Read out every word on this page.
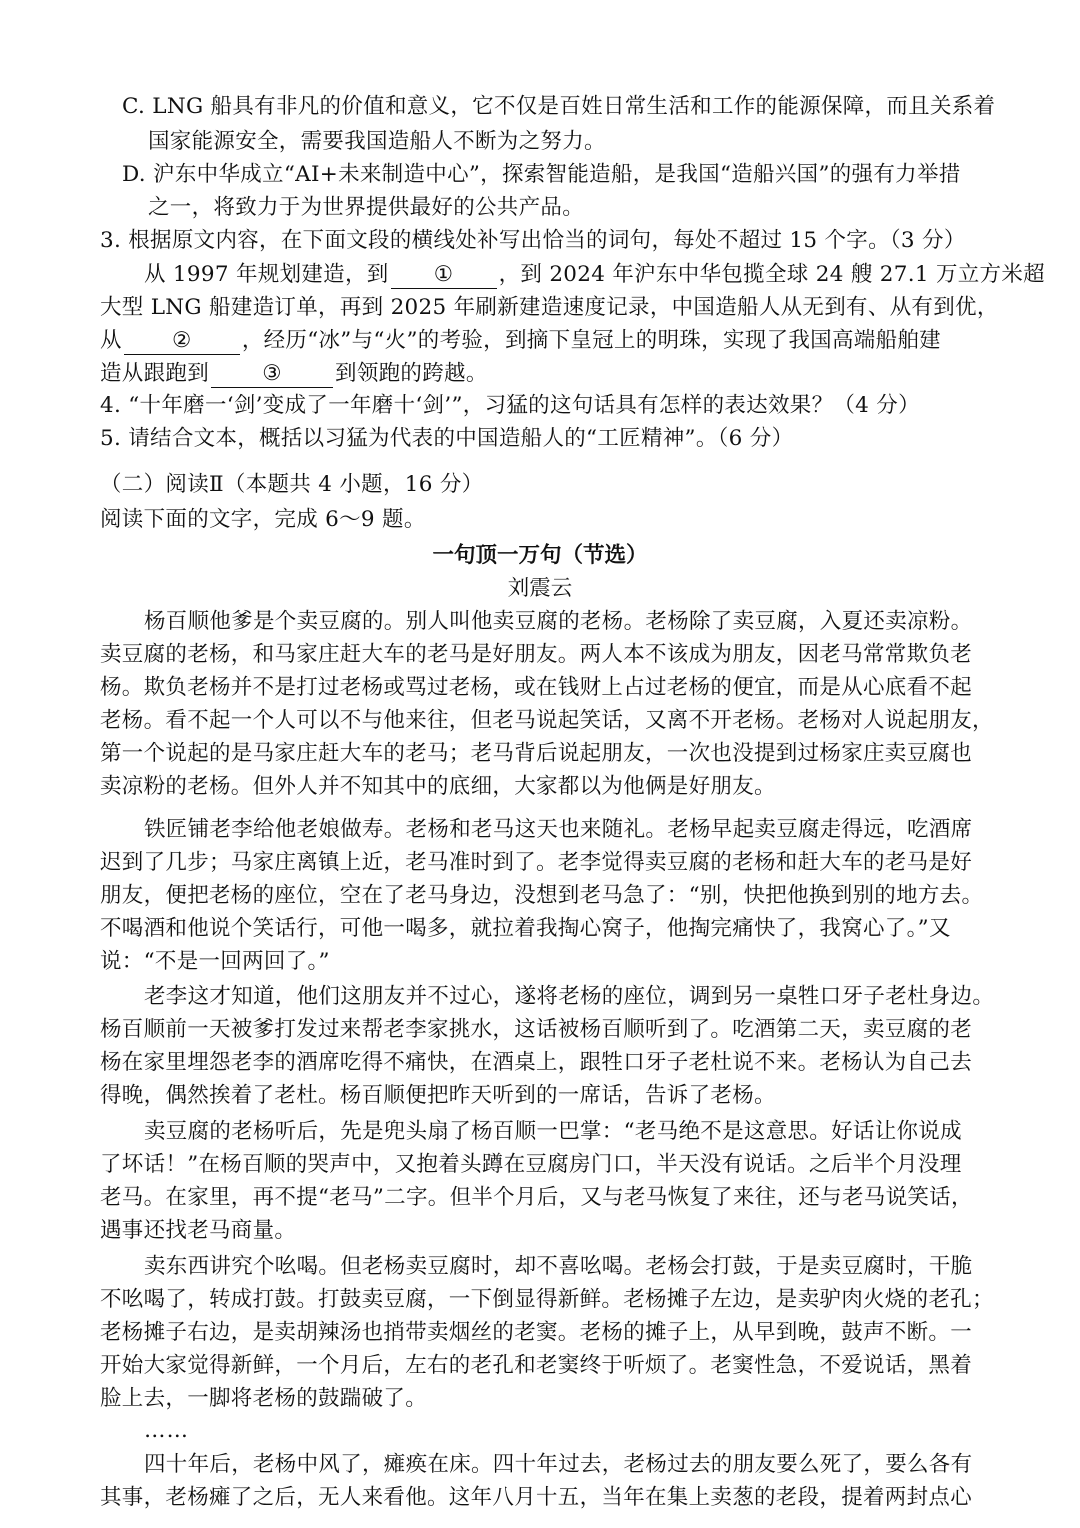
C. LNG 船具有非凡的价值和意义，它不仅是百姓日常生活和工作的能源保障，而且关系着
国家能源安全，需要我国造船人不断为之努力。
D. 沪东中华成立“AI+未来制造中心”，探索智能造船，是我国“造船兴国”的强有力举措
之一，将致力于为世界提供最好的公共产品。
3. 根据原文内容，在下面文段的横线处补写出恰当的词句，每处不超过 15 个字。（3 分）
从 1997 年规划建造，到 ① ，到 2024 年沪东中华包揽全球 24 艘 27.1 万立方米超
大型 LNG 船建造订单，再到 2025 年刷新建造速度记录，中国造船人从无到有、从有到优，
从 ② ，经历“冰”与“火”的考验，到摘下皇冠上的明珠，实现了我国高端船舶建
造从跟跑到 ③ 到领跑的跨越。
4. “十年磨一‘剑’变成了一年磨十‘剑’”，习猛的这句话具有怎样的表达效果？（4 分）
5. 请结合文本，概括以习猛为代表的中国造船人的“工匠精神”。（6 分）
（二）阅读Ⅱ（本题共 4 小题，16 分）
阅读下面的文字，完成 6～9 题。
一句顶一万句（节选）
刘震云
杨百顺他爹是个卖豆腐的。别人叫他卖豆腐的老杨。老杨除了卖豆腐，入夏还卖凉粉。
卖豆腐的老杨，和马家庄赶大车的老马是好朋友。两人本不该成为朋友，因老马常常欺负老
杨。欺负老杨并不是打过老杨或骂过老杨，或在钱财上占过老杨的便宜，而是从心底看不起
老杨。看不起一个人可以不与他来往，但老马说起笑话，又离不开老杨。老杨对人说起朋友，
第一个说起的是马家庄赶大车的老马；老马背后说起朋友，一次也没提到过杨家庄卖豆腐也
卖凉粉的老杨。但外人并不知其中的底细，大家都以为他俩是好朋友。
铁匠铺老李给他老娘做寿。老杨和老马这天也来随礼。老杨早起卖豆腐走得远，吃酒席
迟到了几步；马家庄离镇上近，老马准时到了。老李觉得卖豆腐的老杨和赶大车的老马是好
朋友，便把老杨的座位，空在了老马身边，没想到老马急了：“别，快把他换到别的地方去。
不喝酒和他说个笑话行，可他一喝多，就拉着我掏心窝子，他掏完痛快了，我窝心了。”又
说：“不是一回两回了。”
老李这才知道，他们这朋友并不过心，遂将老杨的座位，调到另一桌牲口牙子老杜身边。
杨百顺前一天被爹打发过来帮老李家挑水，这话被杨百顺听到了。吃酒第二天，卖豆腐的老
杨在家里埋怨老李的酒席吃得不痛快，在酒桌上，跟牲口牙子老杜说不来。老杨认为自己去
得晚，偶然挨着了老杜。杨百顺便把昨天听到的一席话，告诉了老杨。
卖豆腐的老杨听后，先是兜头扇了杨百顺一巴掌：“老马绝不是这意思。好话让你说成
了坏话！”在杨百顺的哭声中，又抱着头蹲在豆腐房门口，半天没有说话。之后半个月没理
老马。在家里，再不提“老马”二字。但半个月后，又与老马恢复了来往，还与老马说笑话，
遇事还找老马商量。
卖东西讲究个吆喝。但老杨卖豆腐时，却不喜吆喝。老杨会打鼓，于是卖豆腐时，干脆
不吆喝了，转成打鼓。打鼓卖豆腐，一下倒显得新鲜。老杨摊子左边，是卖驴肉火烧的老孔；
老杨摊子右边，是卖胡辣汤也捎带卖烟丝的老窦。老杨的摊子上，从早到晚，鼓声不断。一
开始大家觉得新鲜，一个月后，左右的老孔和老窦终于听烦了。老窦性急，不爱说话，黑着
脸上去，一脚将老杨的鼓踹破了。
……
四十年后，老杨中风了，瘫痪在床。四十年过去，老杨过去的朋友要么死了，要么各有
其事，老杨瘫了之后，无人来看他。这年八月十五，当年在集上卖葱的老段，提着两封点心
